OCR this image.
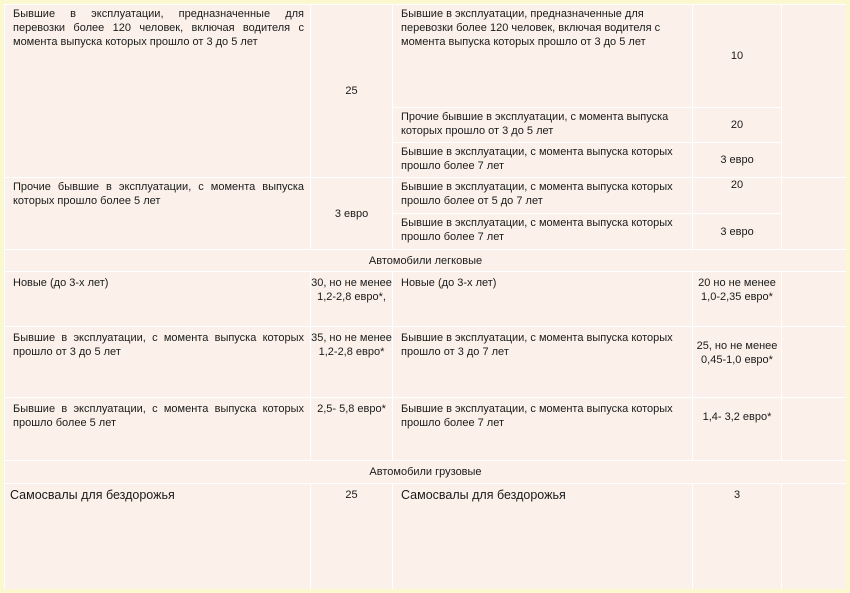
Бывшие в эксплуатации, предназначенные для перевозки более 120 человек, включая водителя с момента выпуска которых прошло от 3 до 5 лет	25	Бывшие в эксплуатации, предназначенные для перевозки более 120 человек, включая водителя с момента выпуска которых прошло от 3 до 5 лет	10	
		Прочие бывшие в эксплуатации, с момента выпуска которых прошло от 3 до 5 лет	20	
		Бывшие в эксплуатации, с момента выпуска которых прошло более 7 лет	3 евро	
Прочие бывшие в эксплуатации, с момента выпуска которых прошло более 5 лет	3 евро	Бывшие в эксплуатации, с момента выпуска которых прошло более от 5 до 7 лет	20	
		Бывшие в эксплуатации, с момента выпуска которых прошло более 7 лет	3 евро	
Автомобили легковые				
Новые (до 3-х лет)	30, но не менее 1,2-2,8 евро*,	Новые (до 3-х лет)	20 но не менее 1,0-2,35 евро*	
Бывшие в эксплуатации, с момента выпуска которых прошло от 3 до 5 лет	35, но не менее 1,2-2,8 евро*	Бывшие в эксплуатации, с момента выпуска которых прошло от 3 до 7 лет	25, но не менее 0,45-1,0 евро*	
Бывшие в эксплуатации, с момента выпуска которых прошло более 5 лет	2,5- 5,8 евро*	Бывшие в эксплуатации, с момента выпуска которых прошло более 7 лет	1,4- 3,2 евро*	
Автомобили грузовые				
Самосвалы для бездорожья	25	Самосвалы для бездорожья	3	
